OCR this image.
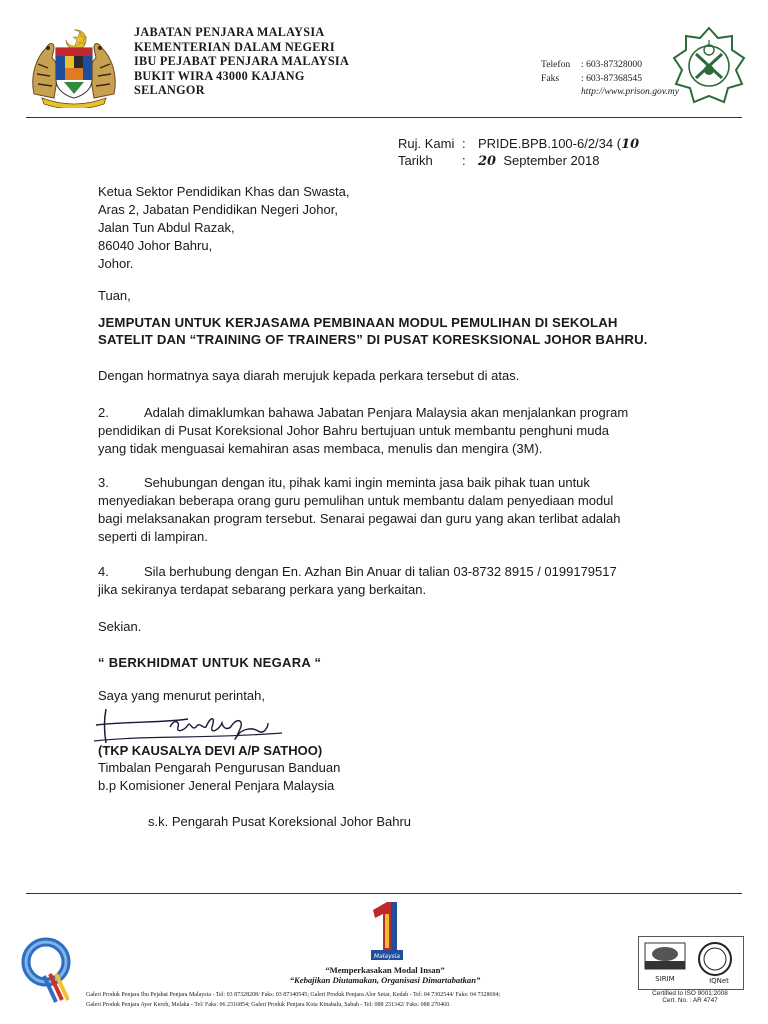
JABATAN PENJARA MALAYSIA
KEMENTERIAN DALAM NEGERI
IBU PEJABAT PENJARA MALAYSIA
BUKIT WIRA 43000 KAJANG
SELANGOR
Telefon : 603-87328000
Faks : 603-87368545
http://www.prison.gov.my
Ruj. Kami : PRIDE.BPB.100-6/2/34 (10
Tarikh : 20 September 2018
Ketua Sektor Pendidikan Khas dan Swasta,
Aras 2, Jabatan Pendidikan Negeri Johor,
Jalan Tun Abdul Razak,
86040 Johor Bahru,
Johor.
Tuan,
JEMPUTAN UNTUK KERJASAMA PEMBINAAN MODUL PEMULIHAN DI SEKOLAH
SATELIT DAN “TRAINING OF TRAINERS” DI PUSAT KORESKSIONAL JOHOR BAHRU.
Dengan hormatnya saya diarah merujuk kepada perkara tersebut di atas.
2.	Adalah dimaklumkan bahawa Jabatan Penjara Malaysia akan menjalankan program
pendidikan di Pusat Koreksional Johor Bahru bertujuan untuk membantu penghuni muda
yang tidak menguasai kemahiran asas membaca, menulis dan mengira (3M).
3.	Sehubungan dengan itu, pihak kami ingin meminta jasa baik pihak tuan untuk
menyediakan beberapa orang guru pemulihan untuk membantu dalam penyediaan modul
bagi melaksanakan program tersebut. Senarai pegawai dan guru yang akan terlibat adalah
seperti di lampiran.
4.	Sila berhubung dengan En. Azhan Bin Anuar di talian 03-8732 8915 / 0199179517
jika sekiranya terdapat sebarang perkara yang berkaitan.
Sekian.
“ BERKHIDMAT UNTUK NEGARA “
Saya yang menurut perintah,
(TKP KAUSALYA DEVI A/P SATHOO)
Timbalan Pengarah Pengurusan Banduan
b.p Komisioner Jeneral Penjara Malaysia
s.k. Pengarah Pusat Koreksional Johor Bahru
Malaysia
“Memperkasakan Modal Insan”
“Kebajikan Diutamakan, Organisasi Dimartabatkan”
Galeri Produk Penjara Ibu Pejabat Penjara Malaysia - Tel: 03 87328208/ Faks: 03 87340545; Galeri Produk Penjara Alor Setar, Kedah - Tel: 04 7302544/ Faks: 04 7328694;
Galeri Produk Penjara Ayer Keroh, Melaka - Tel/ Faks: 06 2316854; Galeri Produk Penjara Kota Kinabalu, Sabah - Tel: 088 231342/ Faks: 088 270460.
SIRIM	IQNet
Certified to ISO 9001:2008
Cert. No. : AR 4747
